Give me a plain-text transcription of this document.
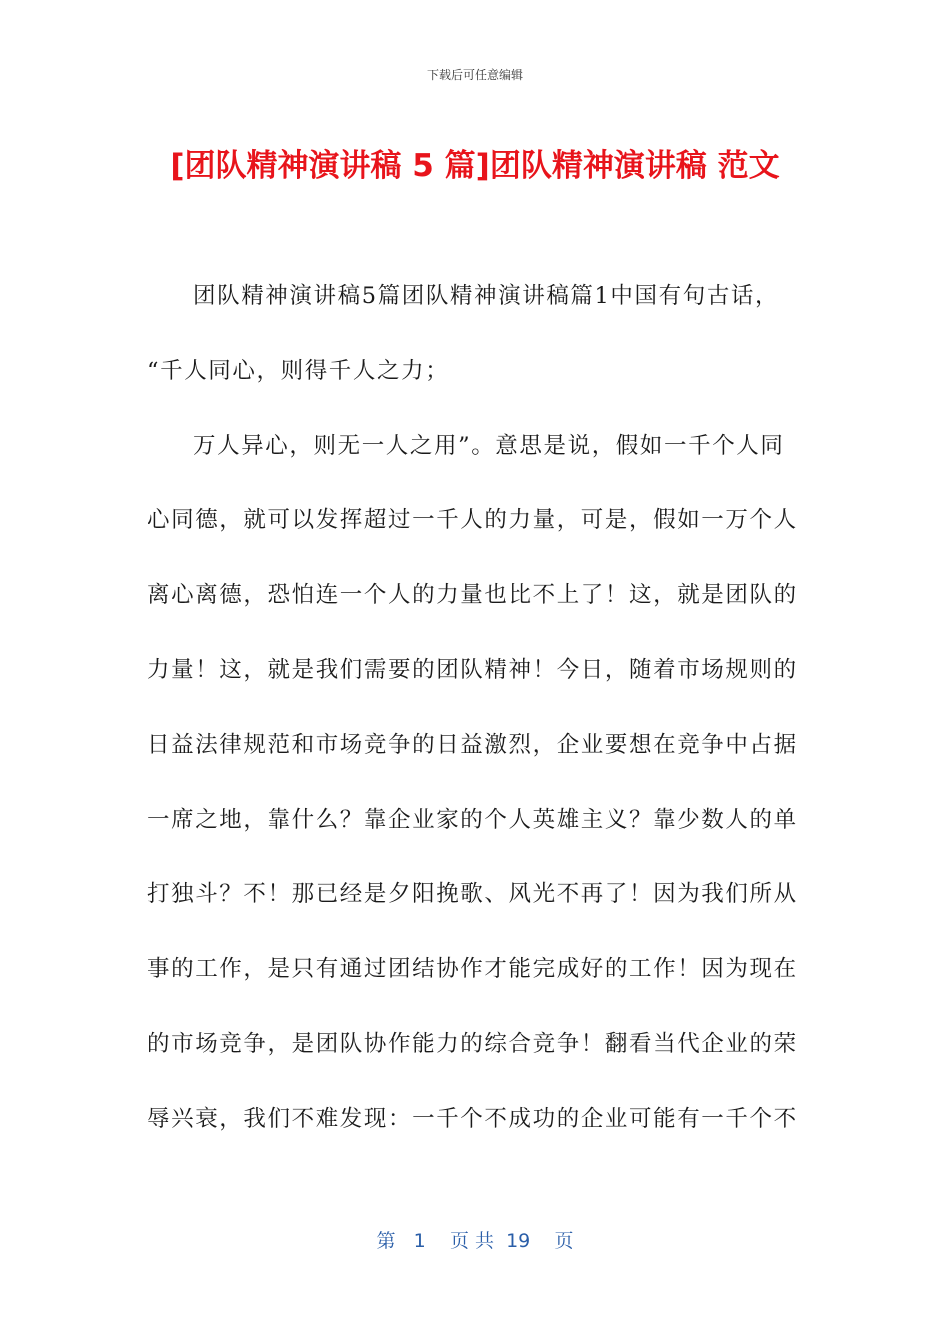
下载后可任意编辑
[团队精神演讲稿 5 篇]团队精神演讲稿 范文
团队精神演讲稿5篇团队精神演讲稿篇1中国有句古话，
“千人同心，则得千人之力；
万人异心，则无一人之用”。意思是说，假如一千个人同
心同德，就可以发挥超过一千人的力量，可是，假如一万个人
离心离德，恐怕连一个人的力量也比不上了！这，就是团队的
力量！这，就是我们需要的团队精神！今日，随着市场规则的
日益法律规范和市场竞争的日益激烈，企业要想在竞争中占据
一席之地，靠什么？靠企业家的个人英雄主义？靠少数人的单
打独斗？不！那已经是夕阳挽歌、风光不再了！因为我们所从
事的工作，是只有通过团结协作才能完成好的工作！因为现在
的市场竞争，是团队协作能力的综合竞争！翻看当代企业的荣
辱兴衰，我们不难发现：一千个不成功的企业可能有一千个不
第 1 页 共 19 页
